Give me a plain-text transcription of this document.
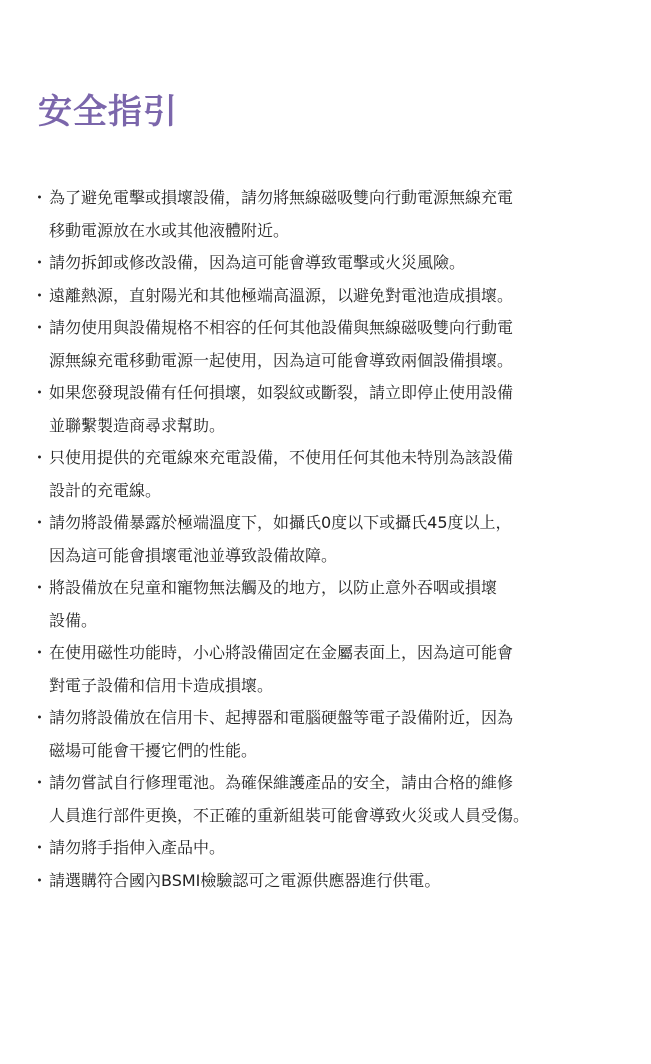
安全指引
・ 為了避免電擊或損壞設備，請勿將無線磁吸雙向行動電源無線充電
移動電源放在水或其他液體附近。
・ 請勿拆卸或修改設備，因為這可能會導致電擊或火災風險。
・ 遠離熱源，直射陽光和其他極端高溫源，以避免對電池造成損壞。
・ 請勿使用與設備規格不相容的任何其他設備與無線磁吸雙向行動電
源無線充電移動電源一起使用，因為這可能會導致兩個設備損壞。
・ 如果您發現設備有任何損壞，如裂紋或斷裂，請立即停止使用設備
並聯繫製造商尋求幫助。
・ 只使用提供的充電線來充電設備，不使用任何其他未特別為該設備
設計的充電線。
・ 請勿將設備暴露於極端溫度下，如攝氏0度以下或攝氏45度以上，
因為這可能會損壞電池並導致設備故障。
・ 將設備放在兒童和寵物無法觸及的地方，以防止意外吞咽或損壞
設備。
・ 在使用磁性功能時，小心將設備固定在金屬表面上，因為這可能會
對電子設備和信用卡造成損壞。
・ 請勿將設備放在信用卡、起搏器和電腦硬盤等電子設備附近，因為
磁場可能會干擾它們的性能。
・ 請勿嘗試自行修理電池。為確保維護產品的安全，請由合格的維修
人員進行部件更換，不正確的重新組裝可能會導致火災或人員受傷。
・ 請勿將手指伸入產品中。
・ 請選購符合國內BSMI檢驗認可之電源供應器進行供電。
